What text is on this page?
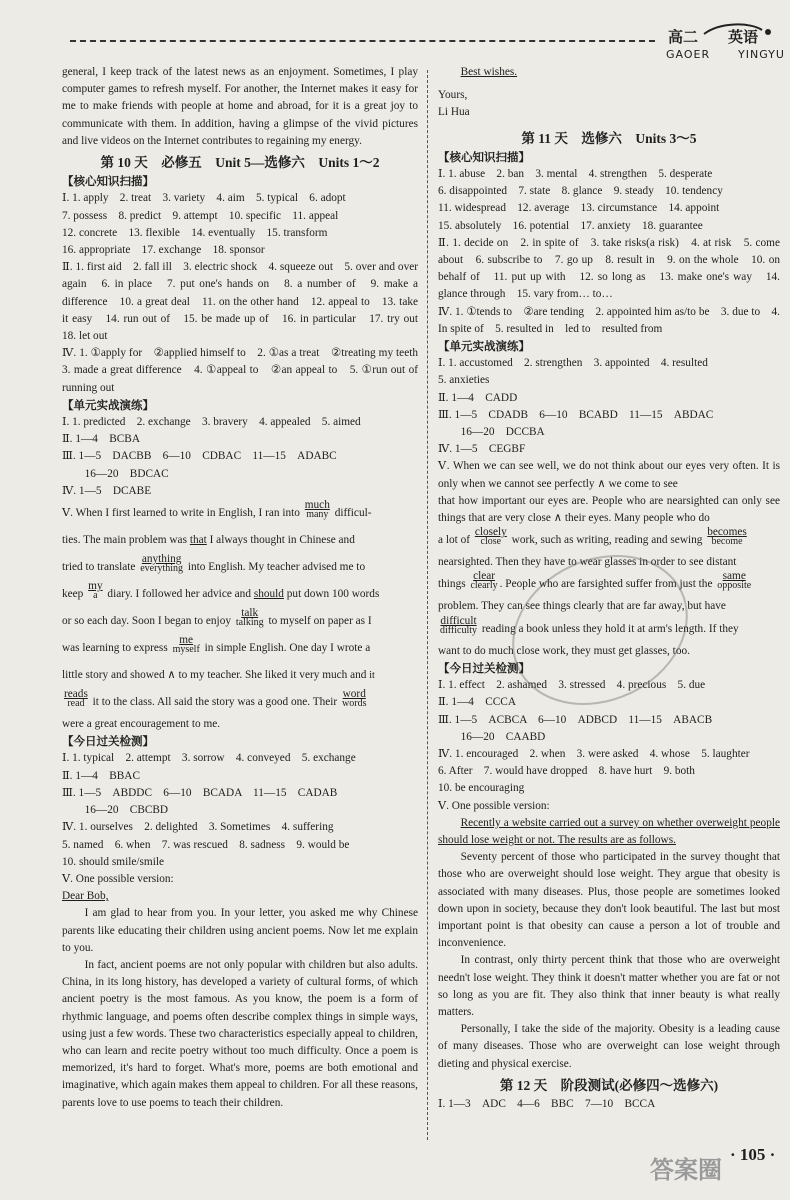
高二 英语
GAOER	YINGYU

general, I keep track of the latest news as an enjoyment. Sometimes, I play computer games to refresh myself. For another, the Internet makes it easy for me to make friends with people at home and abroad, for it is a great joy to communicate with them. In addition, having a glimpse of the vivid pictures and live videos on the Internet contributes to regaining my energy.

第 10 天　必修五　Unit 5—选修六　Units 1～2
【核心知识扫描】

Ⅰ. 1. apply　2. treat　3. variety　4. aim　5. typical　6. adopt

7. possess　8. predict　9. attempt　10. specific　11. appeal

12. concrete　13. flexible　14. eventually　15. transform

16. appropriate　17. exchange　18. sponsor

Ⅱ. 1. first aid　2. fall ill　3. electric shock　4. squeeze out　5. over and over again　6. in place　7. put one's hands on　8. a number of　9. make a difference　10. a great deal　11. on the other hand　12. appeal to　13. take it easy　14. run out of　15. be made up of　16. in particular　17. try out　18. let out

Ⅳ. 1. ①apply for　②applied himself to　2. ①as a treat　②treating my teeth　3. made a great difference　4. ①appeal to　②an appeal to　5. ①run out of　running out

【单元实战演练】

Ⅰ. 1. predicted　2. exchange　3. bravery　4. appealed　5. aimed

Ⅱ. 1—4　BCBA

Ⅲ. 1—5　DACBB　6—10　CDBAC　11—15　ADABC

16—20　BDCAC

Ⅳ. 1—5　DCABE

Ⅴ. When I first learned to write in English, I ran into
much
many difficul-

ties. The main problem was that I always thought in Chinese and

tried to translate
anything
everything into English. My teacher advised me to

keep $\frac{my}{a}$ diary. I followed her advice and should put down 100 words

or so each day. Soon I began to enjoy
talk
talking to myself on paper as I

was learning to express
me
myself in simple English. One day I wrote a

little story and showed ∧ to my teacher. She liked it very much and it

reads
read it to the class. All said the story was a good one. Their
word
words

were a great encouragement to me.

【今日过关检测】

Ⅰ. 1. typical　2. attempt　3. sorrow　4. conveyed　5. exchange

Ⅱ. 1—4　BBAC

Ⅲ. 1—5　ABDDC　6—10　BCADA　11—15　CADAB

16—20　CBCBD

Ⅳ. 1. ourselves　2. delighted　3. Sometimes　4. suffering

5. named　6. when　7. was rescued　8. sadness　9. would be

10. should smile/smile

Ⅴ. One possible version:

Dear Bob,

I am glad to hear from you. In your letter, you asked me why Chinese parents like educating their children using ancient poems. Now let me explain to you.

In fact, ancient poems are not only popular with children but also adults. China, in its long history, has developed a variety of cultural forms, of which ancient poetry is the most famous. As you know, the poem is a form of rhythmic language, and poems often describe complex things in simple ways, using just a few words. These two characteristics especially appeal to children, who can learn and recite poetry without too much difficulty. Once a poem is memorized, it's hard to forget. What's more, poems are both emotional and imaginative, which again makes them appeal to children. For all these reasons, parents love to use poems to teach their children.

Best wishes.

Yours,

Li Hua

第 11 天　选修六　Units 3～5
【核心知识扫描】

Ⅰ. 1. abuse　2. ban　3. mental　4. strengthen　5. desperate

6. disappointed　7. state　8. glance　9. steady　10. tendency

11. widespread　12. average　13. circumstance　14. appoint

15. absolutely　16. potential　17. anxiety　18. guarantee

Ⅱ. 1. decide on　2. in spite of　3. take risks(a risk)　4. at risk　5. come about　6. subscribe to　7. go up　8. result in　9. on the whole　10. on behalf of　11. put up with　12. so long as　13. make one's way　14. glance through　15. vary from… to…

Ⅳ. 1. ①tends to　②are tending　2. appointed him as/to be　3. due to　4. In spite of　5. resulted in　led to　resulted from

【单元实战演练】

Ⅰ. 1. accustomed　2. strengthen　3. appointed　4. resulted

5. anxieties

Ⅱ. 1—4　CADD

Ⅲ. 1—5　CDADB　6—10　BCABD　11—15　ABDAC

16—20　DCCBA

Ⅳ. 1—5　CEGBF

Ⅴ. When we can see well, we do not think about our eyes very often. It is only when we cannot see perfectly ∧ we come to see

that how important our eyes are. People who are nearsighted can only see things that are very close ∧ their eyes. Many people who do

a lot of
closely
close work, such as writing, reading and sewing
becomes
become

nearsighted. Then they have to wear glasses in order to see distant

things
clear
clearly . People who are farsighted suffer from just the
same
opposite

problem. They can see things clearly that are far away, but have

difficult
difficulty reading a book unless they hold it at arm's length. If they

want to do much close work, they must get glasses, too.

【今日过关检测】

Ⅰ. 1. effect　2. ashamed　3. stressed　4. precious　5. due

Ⅱ. 1—4　CCCA

Ⅲ. 1—5　ACBCA　6—10　ADBCD　11—15　ABACB

16—20　CAABD

Ⅳ. 1. encouraged　2. when　3. were asked　4. whose　5. laughter

6. After　7. would have dropped　8. have hurt　9. both

10. be encouraging

Ⅴ. One possible version:

Recently a website carried out a survey on whether overweight people should lose weight or not. The results are as follows.

Seventy percent of those who participated in the survey thought that those who are overweight should lose weight. They argue that obesity is associated with many diseases. Plus, those people are sometimes looked down upon in society, because they don't look beautiful. The last but most important point is that obesity can cause a person a lot of trouble and inconvenience.

In contrast, only thirty percent think that those who are overweight needn't lose weight. They think it doesn't matter whether you are fat or not so long as you are fit. They also think that inner beauty is what really matters.

Personally, I take the side of the majority. Obesity is a leading cause of many diseases. Those who are overweight can lose weight through dieting and physical exercise.

第 12 天　阶段测试(必修四～选修六)

Ⅰ. 1—3　ADC　4—6　BBC　7—10　BCCA

· 105 ·
答案圈
